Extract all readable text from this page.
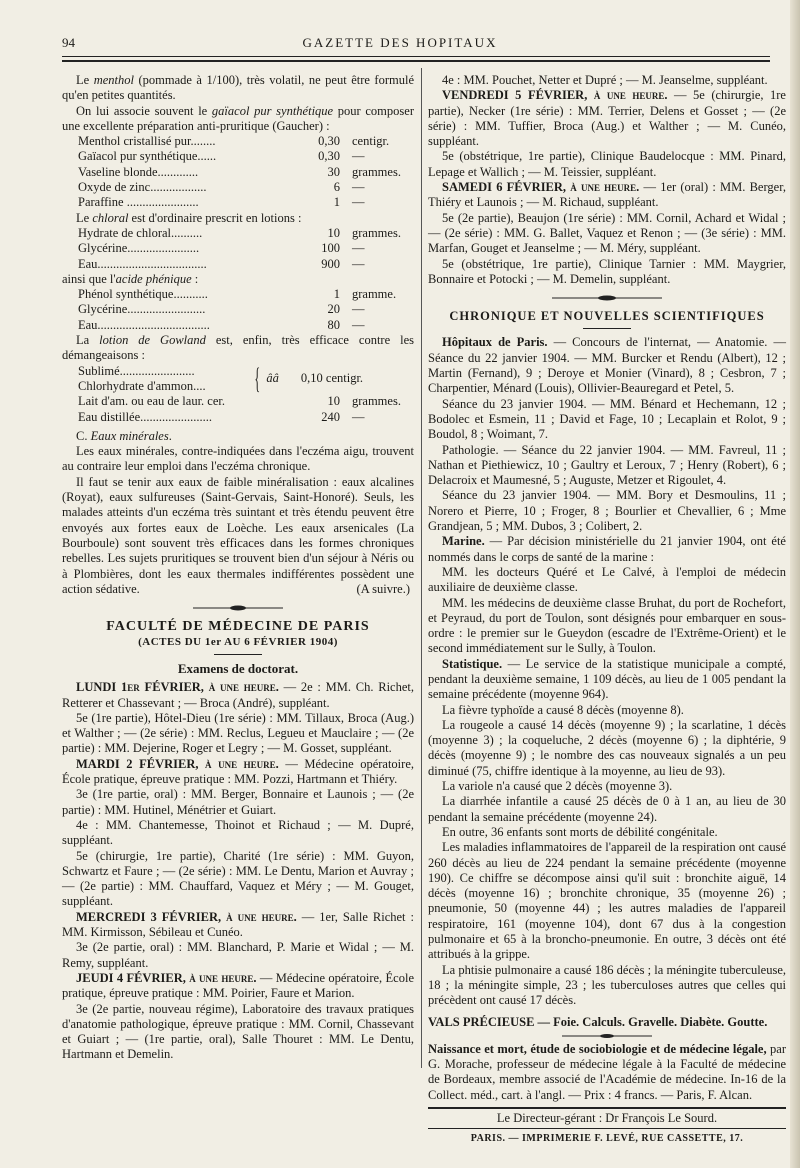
94	GAZETTE DES HOPITAUX

Le menthol (pommade à 1/100), très volatil, ne peut être formulé qu'en petites quantités.

On lui associe souvent le gaïacol pur synthétique pour composer une excellente préparation anti-pruritique (Gaucher) :

Menthol cristallisé pur........	0,30 centigr.
Gaïacol pur synthétique......	0,30 —
Vaseline blonde.............	30 grammes.
Oxyde de zinc..................	6 —
Paraffine .......................	1 —

Le chloral est d'ordinaire prescrit en lotions :

Hydrate de chloral..........	10 grammes.
Glycérine.......................	100 —
Eau...................................	900 —

ainsi que l'acide phénique :

Phénol synthétique...........	1 gramme.
Glycérine.........................	20 —
Eau....................................	80 —

La lotion de Gowland est, enfin, très efficace contre les démangeaisons :

Sublimé........................
Chlorhydrate d'ammon....	{ ââ	0,10 centigr.
Lait d'am. ou eau de laur. cer.	10 grammes.
Eau distillée.......................	240 —

C. Eaux minérales.

Les eaux minérales, contre-indiquées dans l'eczéma aigu, trouvent au contraire leur emploi dans l'eczéma chronique.

Il faut se tenir aux eaux de faible minéralisation : eaux alcalines (Royat), eaux sulfureuses (Saint-Gervais, Saint-Honoré). Seuls, les malades atteints d'un eczéma très suintant et très étendu peuvent être envoyés aux fortes eaux de Loèche. Les eaux arsenicales (La Bourboule) sont souvent très efficaces dans les formes chroniques rebelles. Les sujets pruritiques se trouvent bien d'un séjour à Néris ou à Plombières, dont les eaux thermales indifférentes possèdent une action sédative.	(A suivre.)
FACULTÉ DE MÉDECINE DE PARIS
(ACTES DU 1er AU 6 FÉVRIER 1904)
Examens de doctorat.

LUNDI 1er FÉVRIER, à une heure. — 2e : MM. Ch. Richet, Retterer et Chassevant ; — Broca (André), suppléant.

5e (1re partie), Hôtel-Dieu (1re série) : MM. Tillaux, Broca (Aug.) et Walther ; — (2e série) : MM. Reclus, Legueu et Mauclaire ; — (2e partie) : MM. Dejerine, Roger et Legry ; — M. Gosset, suppléant.

MARDI 2 FÉVRIER, à une heure. — Médecine opératoire, École pratique, épreuve pratique : MM. Pozzi, Hartmann et Thiéry.

3e (1re partie, oral) : MM. Berger, Bonnaire et Launois ; — (2e partie) : MM. Hutinel, Ménétrier et Guiart.

4e : MM. Chantemesse, Thoinot et Richaud ; — M. Dupré, suppléant.

5e (chirurgie, 1re partie), Charité (1re série) : MM. Guyon, Schwartz et Faure ; — (2e série) : MM. Le Dentu, Marion et Auvray ; — (2e partie) : MM. Chauffard, Vaquez et Méry ; — M. Gouget, suppléant.

MERCREDI 3 FÉVRIER, à une heure. — 1er, Salle Richet : MM. Kirmisson, Sébileau et Cunéo.

3e (2e partie, oral) : MM. Blanchard, P. Marie et Widal ; — M. Remy, suppléant.

JEUDI 4 FÉVRIER, à une heure. — Médecine opératoire, École pratique, épreuve pratique : MM. Poirier, Faure et Marion.

3e (2e partie, nouveau régime), Laboratoire des travaux pratiques d'anatomie pathologique, épreuve pratique : MM. Cornil, Chassevant et Guiart ; — (1re partie, oral), Salle Thouret : MM. Le Dentu, Hartmann et Demelin.

4e : MM. Pouchet, Netter et Dupré ; — M. Jeanselme, suppléant.

VENDREDI 5 FÉVRIER, à une heure. — 5e (chirurgie, 1re partie), Necker (1re série) : MM. Terrier, Delens et Gosset ; — (2e série) : MM. Tuffier, Broca (Aug.) et Walther ; — M. Cunéo, suppléant.

5e (obstétrique, 1re partie), Clinique Baudelocque : MM. Pinard, Lepage et Wallich ; — M. Teissier, suppléant.

SAMEDI 6 FÉVRIER, à une heure. — 1er (oral) : MM. Berger, Thiéry et Launois ; — M. Richaud, suppléant.

5e (2e partie), Beaujon (1re série) : MM. Cornil, Achard et Widal ; — (2e série) : MM. G. Ballet, Vaquez et Renon ; — (3e série) : MM. Marfan, Gouget et Jeanselme ; — M. Méry, suppléant.

5e (obstétrique, 1re partie), Clinique Tarnier : MM. Maygrier, Bonnaire et Potocki ; — M. Demelin, suppléant.

CHRONIQUE ET NOUVELLES SCIENTIFIQUES

Hôpitaux de Paris. — Concours de l'internat, — Anatomie. — Séance du 22 janvier 1904. — MM. Burcker et Rendu (Albert), 12 ; Martin (Fernand), 9 ; Deroye et Monier (Vinard), 8 ; Cesbron, 7 ; Charpentier, Ménard (Louis), Ollivier-Beauregard et Petel, 5.

Séance du 23 janvier 1904. — MM. Bénard et Hechemann, 12 ; Bodolec et Esmein, 11 ; David et Fage, 10 ; Lecaplain et Rolot, 9 ; Boudol, 8 ; Woimant, 7.

Pathologie. — Séance du 22 janvier 1904. — MM. Favreul, 11 ; Nathan et Piethiewicz, 10 ; Gaultry et Leroux, 7 ; Henry (Robert), 6 ; Delacroix et Maumesné, 5 ; Auguste, Metzer et Rigoulet, 4.

Séance du 23 janvier 1904. — MM. Bory et Desmoulins, 11 ; Norero et Pierre, 10 ; Froger, 8 ; Bourlier et Chevallier, 6 ; Mme Grandjean, 5 ; MM. Dubos, 3 ; Colibert, 2.

Marine. — Par décision ministérielle du 21 janvier 1904, ont été nommés dans le corps de santé de la marine :

MM. les docteurs Quéré et Le Calvé, à l'emploi de médecin auxiliaire de deuxième classe.

MM. les médecins de deuxième classe Bruhat, du port de Rochefort, et Peyraud, du port de Toulon, sont désignés pour embarquer en sous-ordre : le premier sur le Gueydon (escadre de l'Extrême-Orient) et le second immédiatement sur le Sully, à Toulon.

Statistique. — Le service de la statistique municipale a compté, pendant la deuxième semaine, 1 109 décès, au lieu de 1 005 pendant la semaine précédente (moyenne 964).

La fièvre typhoïde a causé 8 décès (moyenne 8).

La rougeole a causé 14 décès (moyenne 9) ; la scarlatine, 1 décès (moyenne 3) ; la coqueluche, 2 décès (moyenne 6) ; la diphtérie, 9 décès (moyenne 9) ; le nombre des cas nouveaux signalés a un peu diminué (75, chiffre identique à la moyenne, au lieu de 93).

La variole n'a causé que 2 décès (moyenne 3).

La diarrhée infantile a causé 25 décès de 0 à 1 an, au lieu de 30 pendant la semaine précédente (moyenne 24).

En outre, 36 enfants sont morts de débilité congénitale.

Les maladies inflammatoires de l'appareil de la respiration ont causé 260 décès au lieu de 224 pendant la semaine précédente (moyenne 190). Ce chiffre se décompose ainsi qu'il suit : bronchite aiguë, 14 décès (moyenne 16) ; bronchite chronique, 35 (moyenne 26) ; pneumonie, 50 (moyenne 44) ; les autres maladies de l'appareil respiratoire, 161 (moyenne 104), dont 67 dus à la congestion pulmonaire et 65 à la broncho-pneumonie. En outre, 3 décès ont été attribués à la grippe.

La phtisie pulmonaire a causé 186 décès ; la méningite tuberculeuse, 18 ; la méningite simple, 23 ; les tuberculoses autres que celles qui précèdent ont causé 17 décès.

VALS PRÉCIEUSE — Foie. Calculs. Gravelle. Diabète. Goutte.

Naissance et mort, étude de sociobiologie et de médecine légale, par G. Morache, professeur de médecine légale à la Faculté de médecine de Bordeaux, membre associé de l'Académie de médecine. In-16 de la Collect. méd., cart. à l'angl. — Prix : 4 francs. — Paris, F. Alcan.

Le Directeur-gérant : Dr François Le Sourd.
PARIS. — IMPRIMERIE F. LEVÉ, RUE CASSETTE, 17.
